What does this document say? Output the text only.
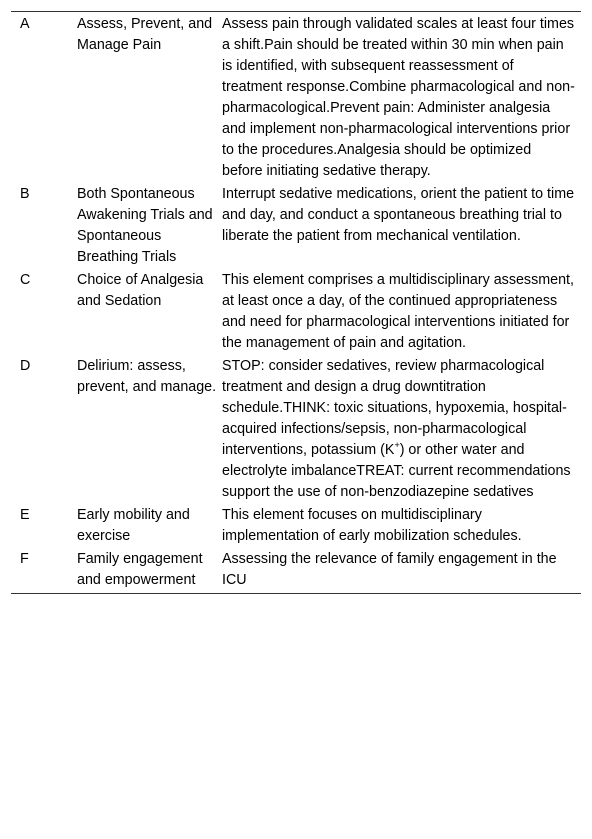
A	Assess, Prevent, and Manage Pain	Assess pain through validated scales at least four times a shift.Pain should be treated within 30 min when pain is identified, with subsequent reassessment of treatment response.Combine pharmacological and non-pharmacological.Prevent pain: Administer analgesia and implement non-pharmacological interventions prior to the procedures.Analgesia should be optimized before initiating sedative therapy.
B	Both Spontaneous Awakening Trials and Spontaneous Breathing Trials	Interrupt sedative medications, orient the patient to time and day, and conduct a spontaneous breathing trial to liberate the patient from mechanical ventilation.
C	Choice of Analgesia and Sedation	This element comprises a multidisciplinary assessment, at least once a day, of the continued appropriateness and need for pharmacological interventions initiated for the management of pain and agitation.
D	Delirium: assess, prevent, and manage.	STOP: consider sedatives, review pharmacological treatment and design a drug downtitration schedule.THINK: toxic situations, hypoxemia, hospital-acquired infections/sepsis, non-pharmacological interventions, potassium (K+) or other water and electrolyte imbalanceTREAT: current recommendations support the use of non-benzodiazepine sedatives
E	Early mobility and exercise	This element focuses on multidisciplinary implementation of early mobilization schedules.
F	Family engagement and empowerment	Assessing the relevance of family engagement in the ICU
